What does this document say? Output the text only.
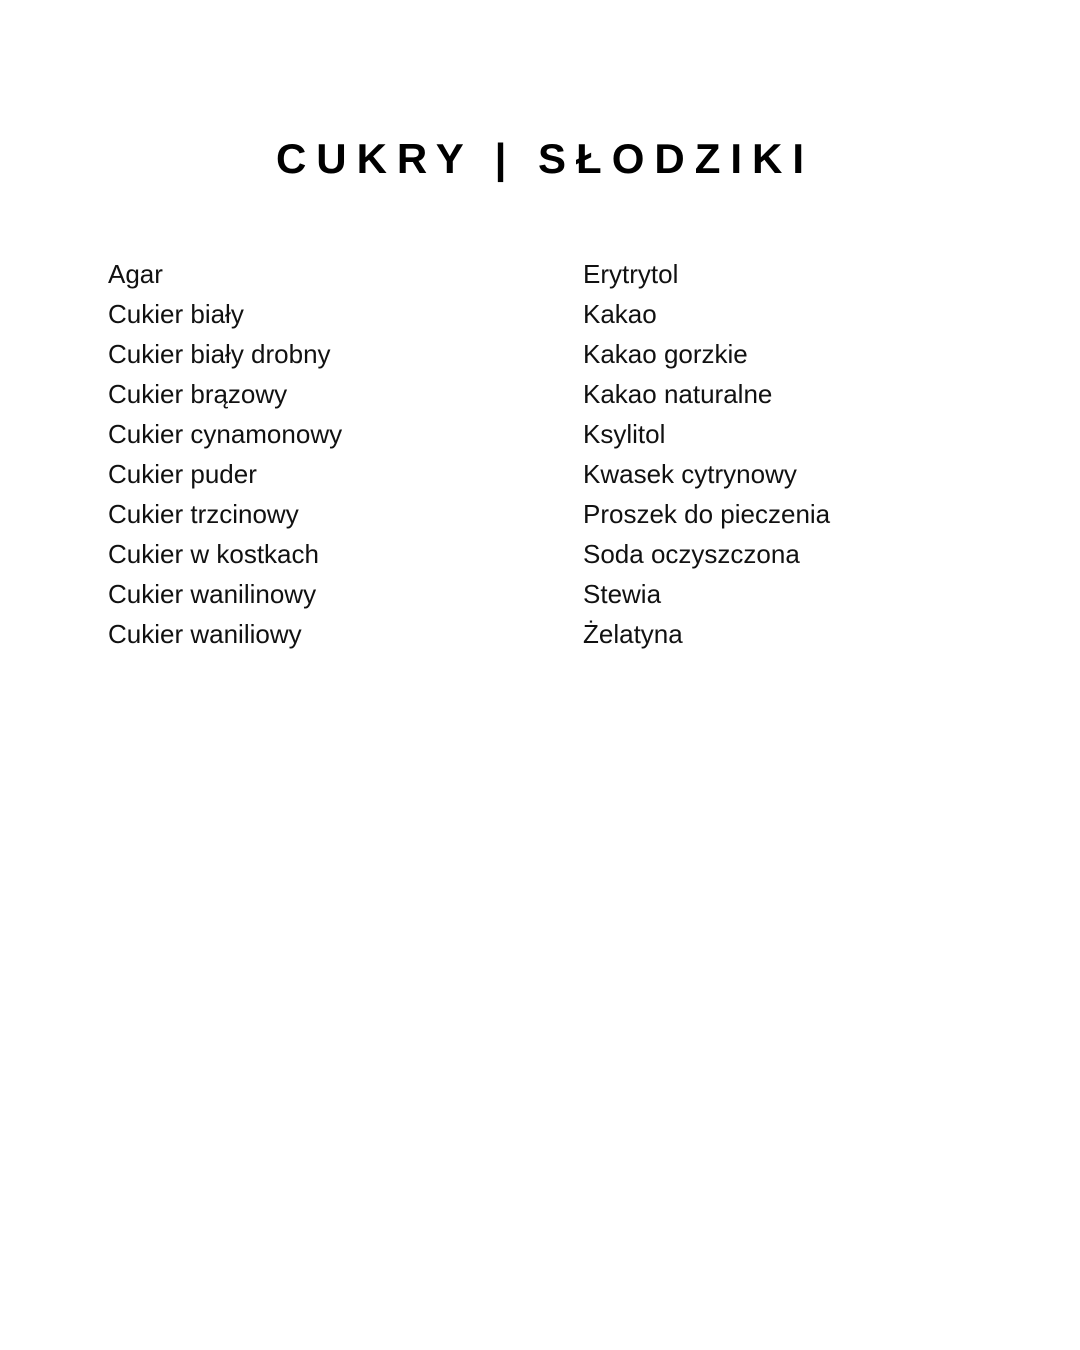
CUKRY | SŁODZIKI
Agar
Cukier biały
Cukier biały drobny
Cukier brązowy
Cukier cynamonowy
Cukier puder
Cukier trzcinowy
Cukier w kostkach
Cukier wanilinowy
Cukier waniliowy
Erytrytol
Kakao
Kakao gorzkie
Kakao naturalne
Ksylitol
Kwasek cytrynowy
Proszek do pieczenia
Soda oczyszczona
Stewia
Żelatyna
